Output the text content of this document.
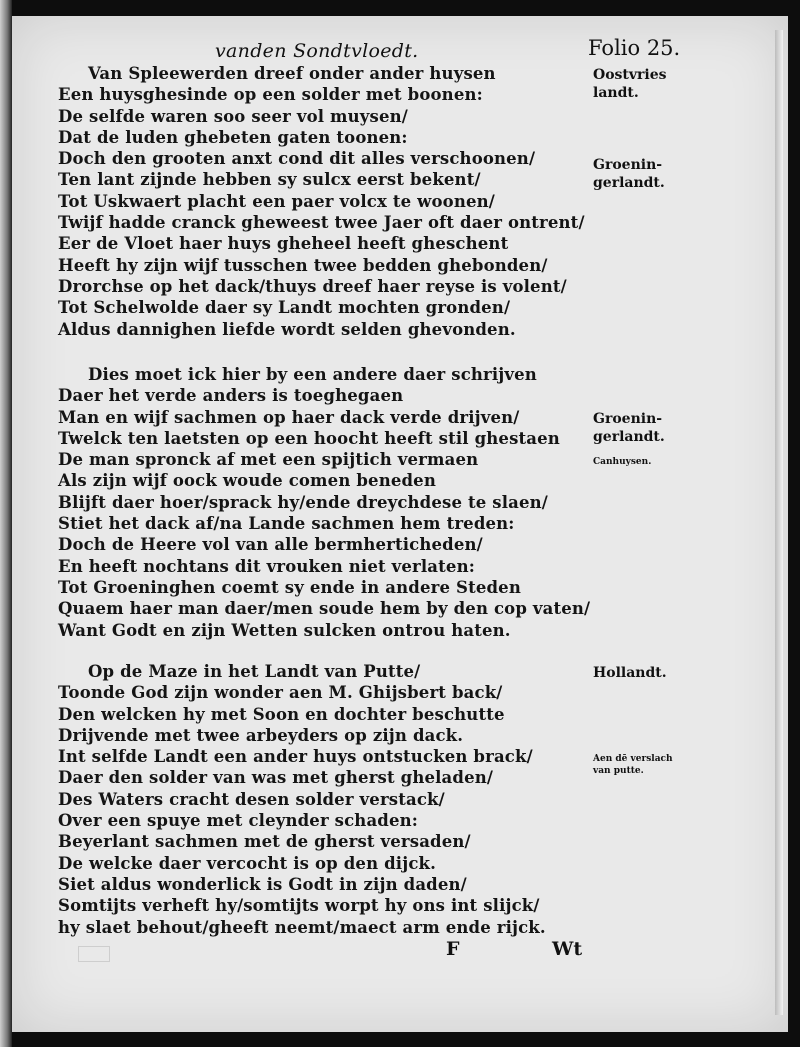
vanden Sondtvloedt.	Folio 25.
Van Spleewerden dreef onder ander huysen
Een huysghesinde op een solder met boonen:
De selfde waren soo seer vol muysen/
Dat de luden ghebeten gaten toonen:
Doch den grooten anxt cond dit alles verschoonen/
Ten lant zijnde hebben sy sulcx eerst bekent/
Tot Uskwaert placht een paer volcx te woonen/
Twijf hadde cranck gheweest twee Jaer oft daer ontrent/
Eer de Vloet haer huys gheheel heeft gheschent
Heeft hy zijn wijf tusschen twee bedden ghebonden/
Drorchse op het dack/thuys dreef haer reyse is volent/
Tot Schelwolde daer sy Landt mochten gronden/
Aldus dannighen liefde wordt selden ghevonden.
Dies moet ick hier by een andere daer schrijven
Daer het verde anders is toeghegaen
Man en wijf sachmen op haer dack verde drijven/
Twelck ten laetsten op een hoocht heeft stil ghestaen
De man spronck af met een spijtich vermaen
Als zijn wijf oock woude comen beneden
Blijft daer hoer/sprack hy/ende dreychdese te slaen/
Stiet het dack af/na Lande sachmen hem treden:
Doch de Heere vol van alle bermherticheden/
En heeft nochtans dit vrouken niet verlaten:
Tot Groeninghen coemt sy ende in andere Steden
Quaem haer man daer/men soude hem by den cop vaten/
Want Godt en zijn Wetten sulcken ontrou haten.
Op de Maze in het Landt van Putte/
Toonde God zijn wonder aen M. Ghijsbert back/
Den welcken hy met Soon en dochter beschutte
Drijvende met twee arbeyders op zijn dack.
Int selfde Landt een ander huys ontstucken brack/
Daer den solder van was met gherst gheladen/
Des Waters cracht desen solder verstack/
Over een spuye met cleynder schaden:
Beyerlant sachmen met de gherst versaden/
De welcke daer vercocht is op den dijck.
Siet aldus wonderlick is Godt in zijn daden/
Somtijts verheft hy/somtijts worpt hy ons int slijck/
hy slaet behout/gheeft neemt/maect arm ende rijck.
Oostvries
landt.
Groenin-
gerlandt.
Groenin-
gerlandt.
Canhuysen.
Hollandt.
Aen dē verslach
van putte.
F	Wt
